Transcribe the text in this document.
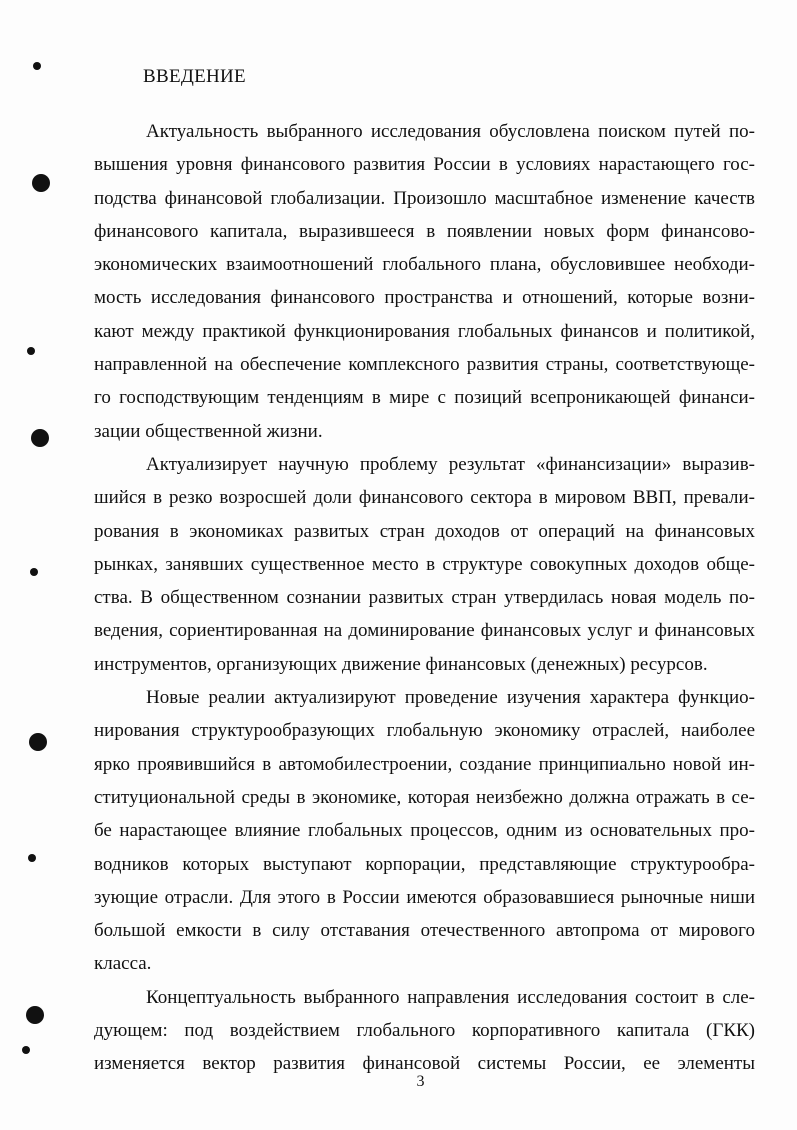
ВВЕДЕНИЕ
Актуальность выбранного исследования обусловлена поиском путей по-
вышения уровня финансового развития России в условиях нарастающего гос-
подства финансовой глобализации. Произошло масштабное изменение качеств
финансового капитала, выразившееся в появлении новых форм финансово-
экономических взаимоотношений глобального плана, обусловившее необходи-
мость исследования финансового пространства и отношений, которые возни-
кают между практикой функционирования глобальных финансов и политикой,
направленной на обеспечение комплексного развития страны, соответствующе-
го господствующим тенденциям в мире с позиций всепроникающей финанси-
зации общественной жизни.
Актуализирует научную проблему результат «финансизации» выразив-
шийся в резко возросшей доли финансового сектора в мировом ВВП, превали-
рования в экономиках развитых стран доходов от операций на финансовых
рынках, занявших существенное место в структуре совокупных доходов обще-
ства. В общественном сознании развитых стран утвердилась новая модель по-
ведения, сориентированная на доминирование финансовых услуг и финансовых
инструментов, организующих движение финансовых (денежных) ресурсов.
Новые реалии актуализируют проведение изучения характера функцио-
нирования структурообразующих глобальную экономику отраслей, наиболее
ярко проявившийся в автомобилестроении, создание принципиально новой ин-
ституциональной среды в экономике, которая неизбежно должна отражать в се-
бе нарастающее влияние глобальных процессов, одним из основательных про-
водников которых выступают корпорации, представляющие структурообра-
зующие отрасли. Для этого в России имеются образовавшиеся рыночные ниши
большой емкости в силу отставания отечественного автопрома от мирового
класса.
Концептуальность выбранного направления исследования состоит в сле-
дующем: под воздействием глобального корпоративного капитала (ГКК)
изменяется вектор развития финансовой системы России, ее элементы
3
